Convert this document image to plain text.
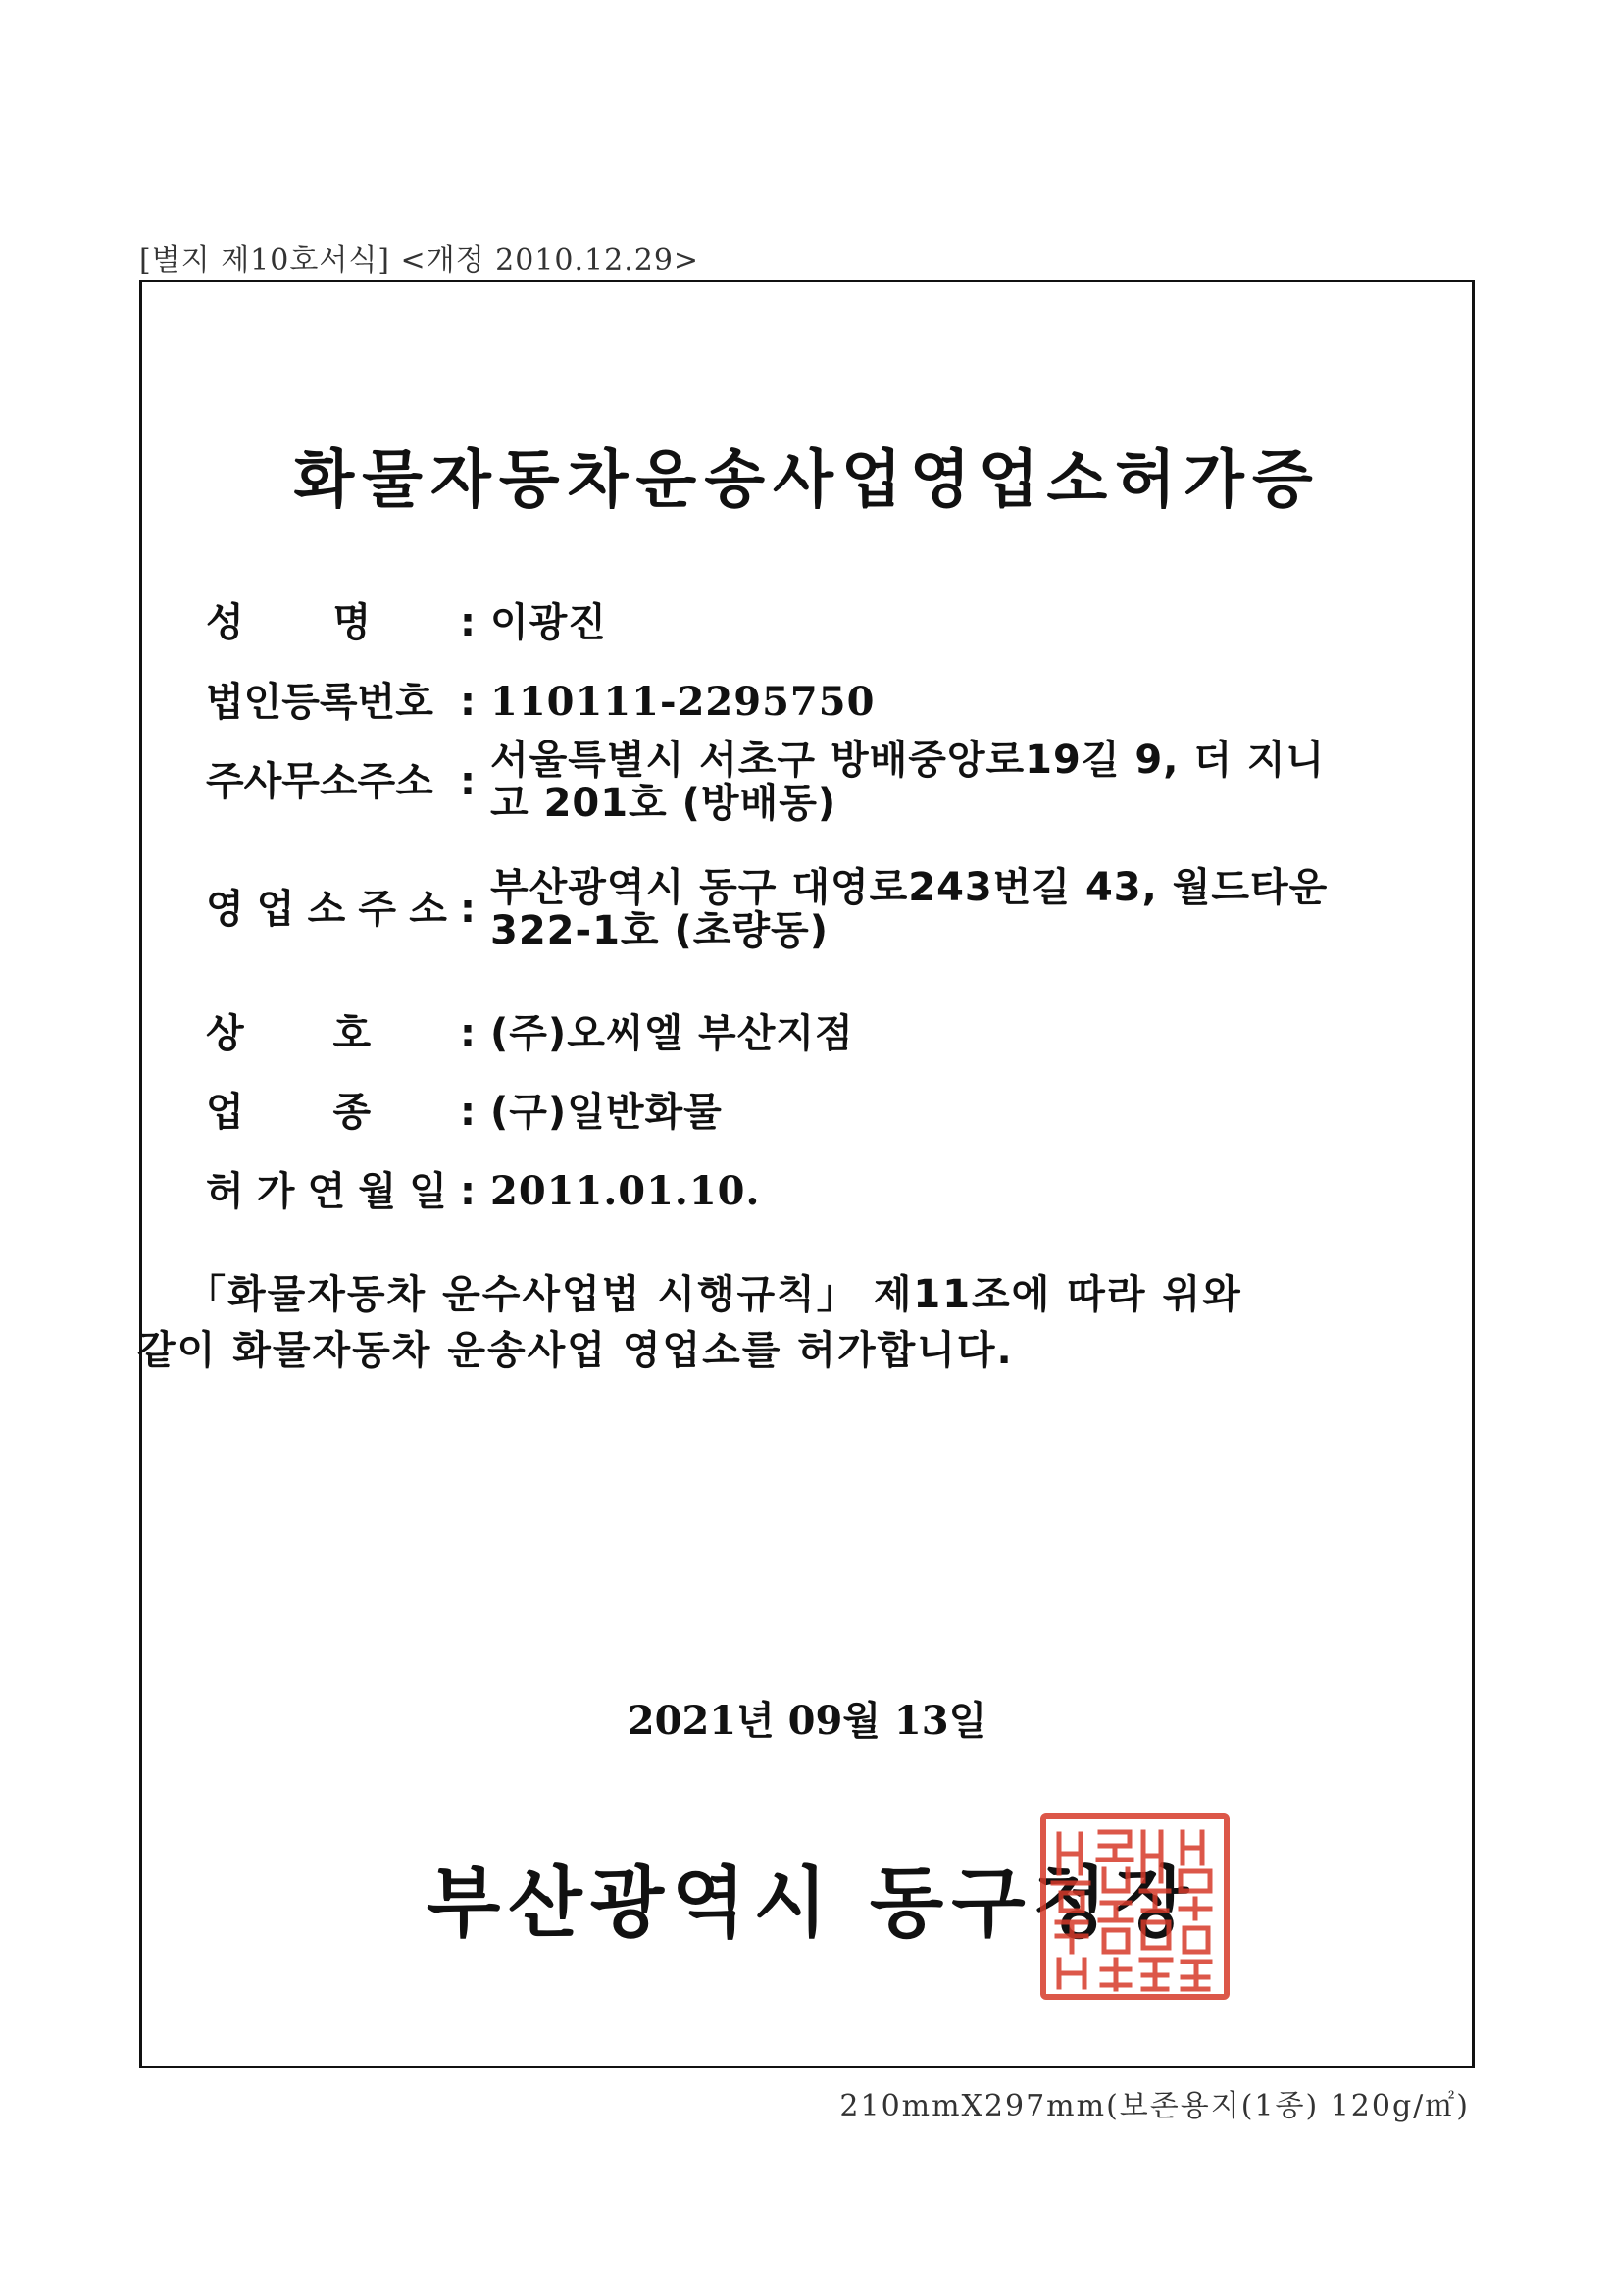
[별지 제10호서식] <개정 2010.12.29>
화물자동차운송사업영업소허가증
성 명 : 이광진
법인등록번호 : 110111-2295750
주사무소주소 : 서울특별시 서초구 방배중앙로19길 9, 더 지니
고 201호 (방배동)
영 업 소 주 소 : 부산광역시 동구 대영로243번길 43, 월드타운
322-1호 (초량동)
상 호 : (주)오씨엘 부산지점
업 종 : (구)일반화물
허 가 연 월 일 : 2011.01.10.

「화물자동차 운수사업법 시행규칙」 제11조에 따라 위와

같이 화물자동차 운송사업 영업소를 허가합니다.

2021년 09월 13일
부산광역시 동구청장
210mmX297mm(보존용지(1종) 120g/㎡)
